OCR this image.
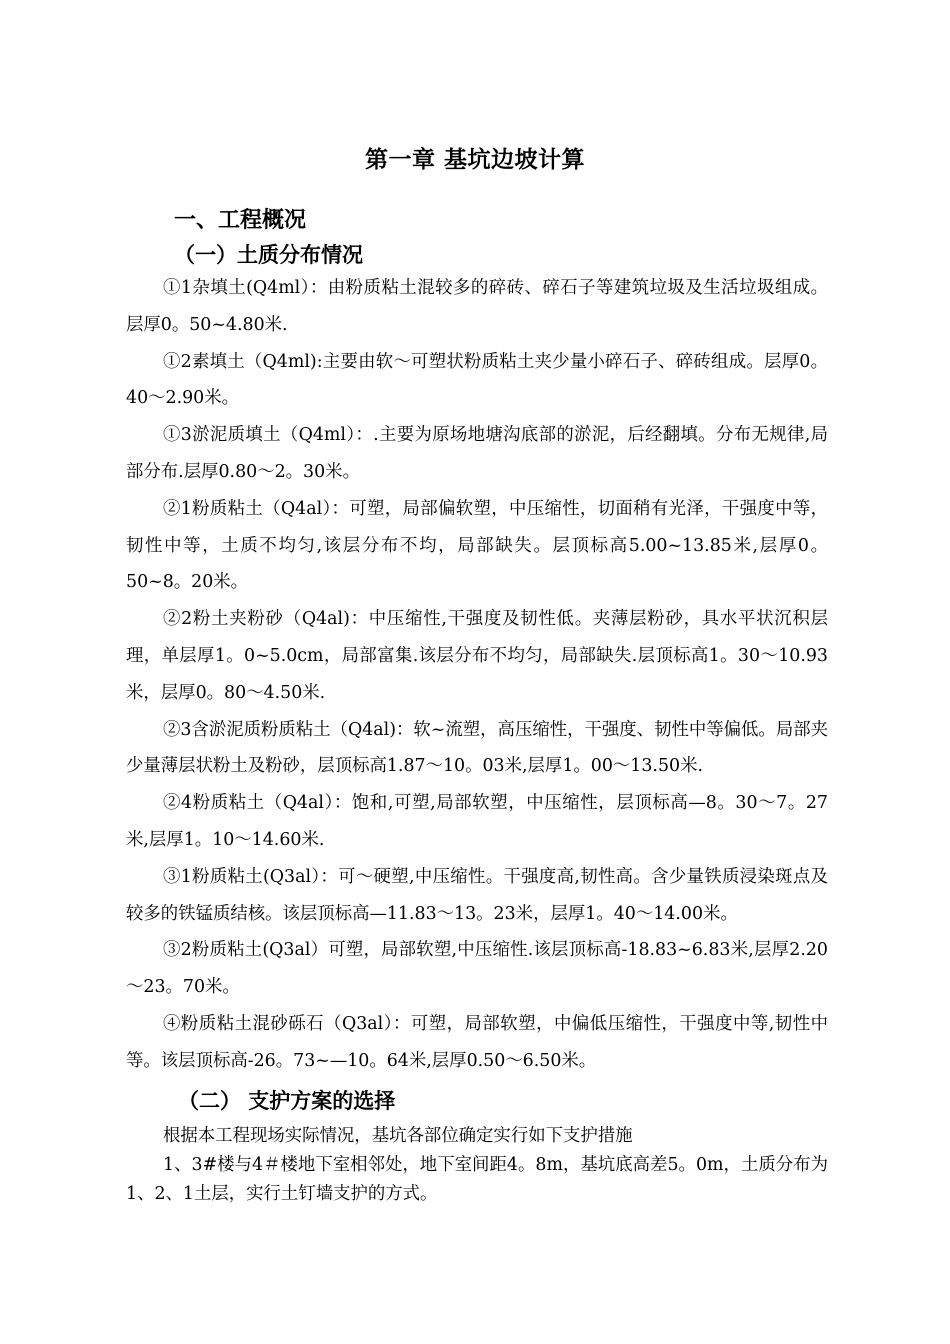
第一章 基坑边坡计算
一、工程概况
（一）土质分布情况

①1杂填土(Q4ml）：由粉质粘土混较多的碎砖、碎石子等建筑垃圾及生活垃圾组成。层厚0。50~4.80米.

①2素填土（Q4ml):主要由软～可塑状粉质粘土夹少量小碎石子、碎砖组成。层厚0。40～2.90米。

①3淤泥质填土（Q4ml）：.主要为原场地塘沟底部的淤泥，后经翻填。分布无规律,局部分布.层厚0.80～2。30米。

②1粉质粘土（Q4al）：可塑，局部偏软塑，中压缩性，切面稍有光泽，干强度中等，韧性中等，土质不均匀,该层分布不均，局部缺失。层顶标高5.00~13.85米,层厚0。50~8。20米。

②2粉土夹粉砂（Q4al)：中压缩性,干强度及韧性低。夹薄层粉砂，具水平状沉积层理，单层厚1。0~5.0cm，局部富集.该层分布不均匀，局部缺失.层顶标高1。30～10.93米，层厚0。80～4.50米.

②3含淤泥质粉质粘土（Q4al)：软~流塑，高压缩性，干强度、韧性中等偏低。局部夹少量薄层状粉土及粉砂，层顶标高1.87～10。03米,层厚1。00～13.50米.

②4粉质粘土（Q4al）：饱和,可塑,局部软塑，中压缩性，层顶标高—8。30～7。27米,层厚1。10～14.60米.

③1粉质粘土(Q3al）：可～硬塑,中压缩性。干强度高,韧性高。含少量铁质浸染斑点及较多的铁锰质结核。该层顶标高—11.83～13。23米，层厚1。40～14.00米。

③2粉质粘土(Q3al）可塑，局部软塑,中压缩性.该层顶标高-18.83~6.83米,层厚2.20～23。70米。

④粉质粘土混砂砾石（Q3al）：可塑，局部软塑，中偏低压缩性，干强度中等,韧性中等。该层顶标高-26。73~—10。64米,层厚0.50～6.50米。

（二） 支护方案的选择

根据本工程现场实际情况，基坑各部位确定实行如下支护措施

1、3#楼与4＃楼地下室相邻处，地下室间距4。8m，基坑底高差5。0m，土质分布为1、2、1土层，实行土钉墙支护的方式。
